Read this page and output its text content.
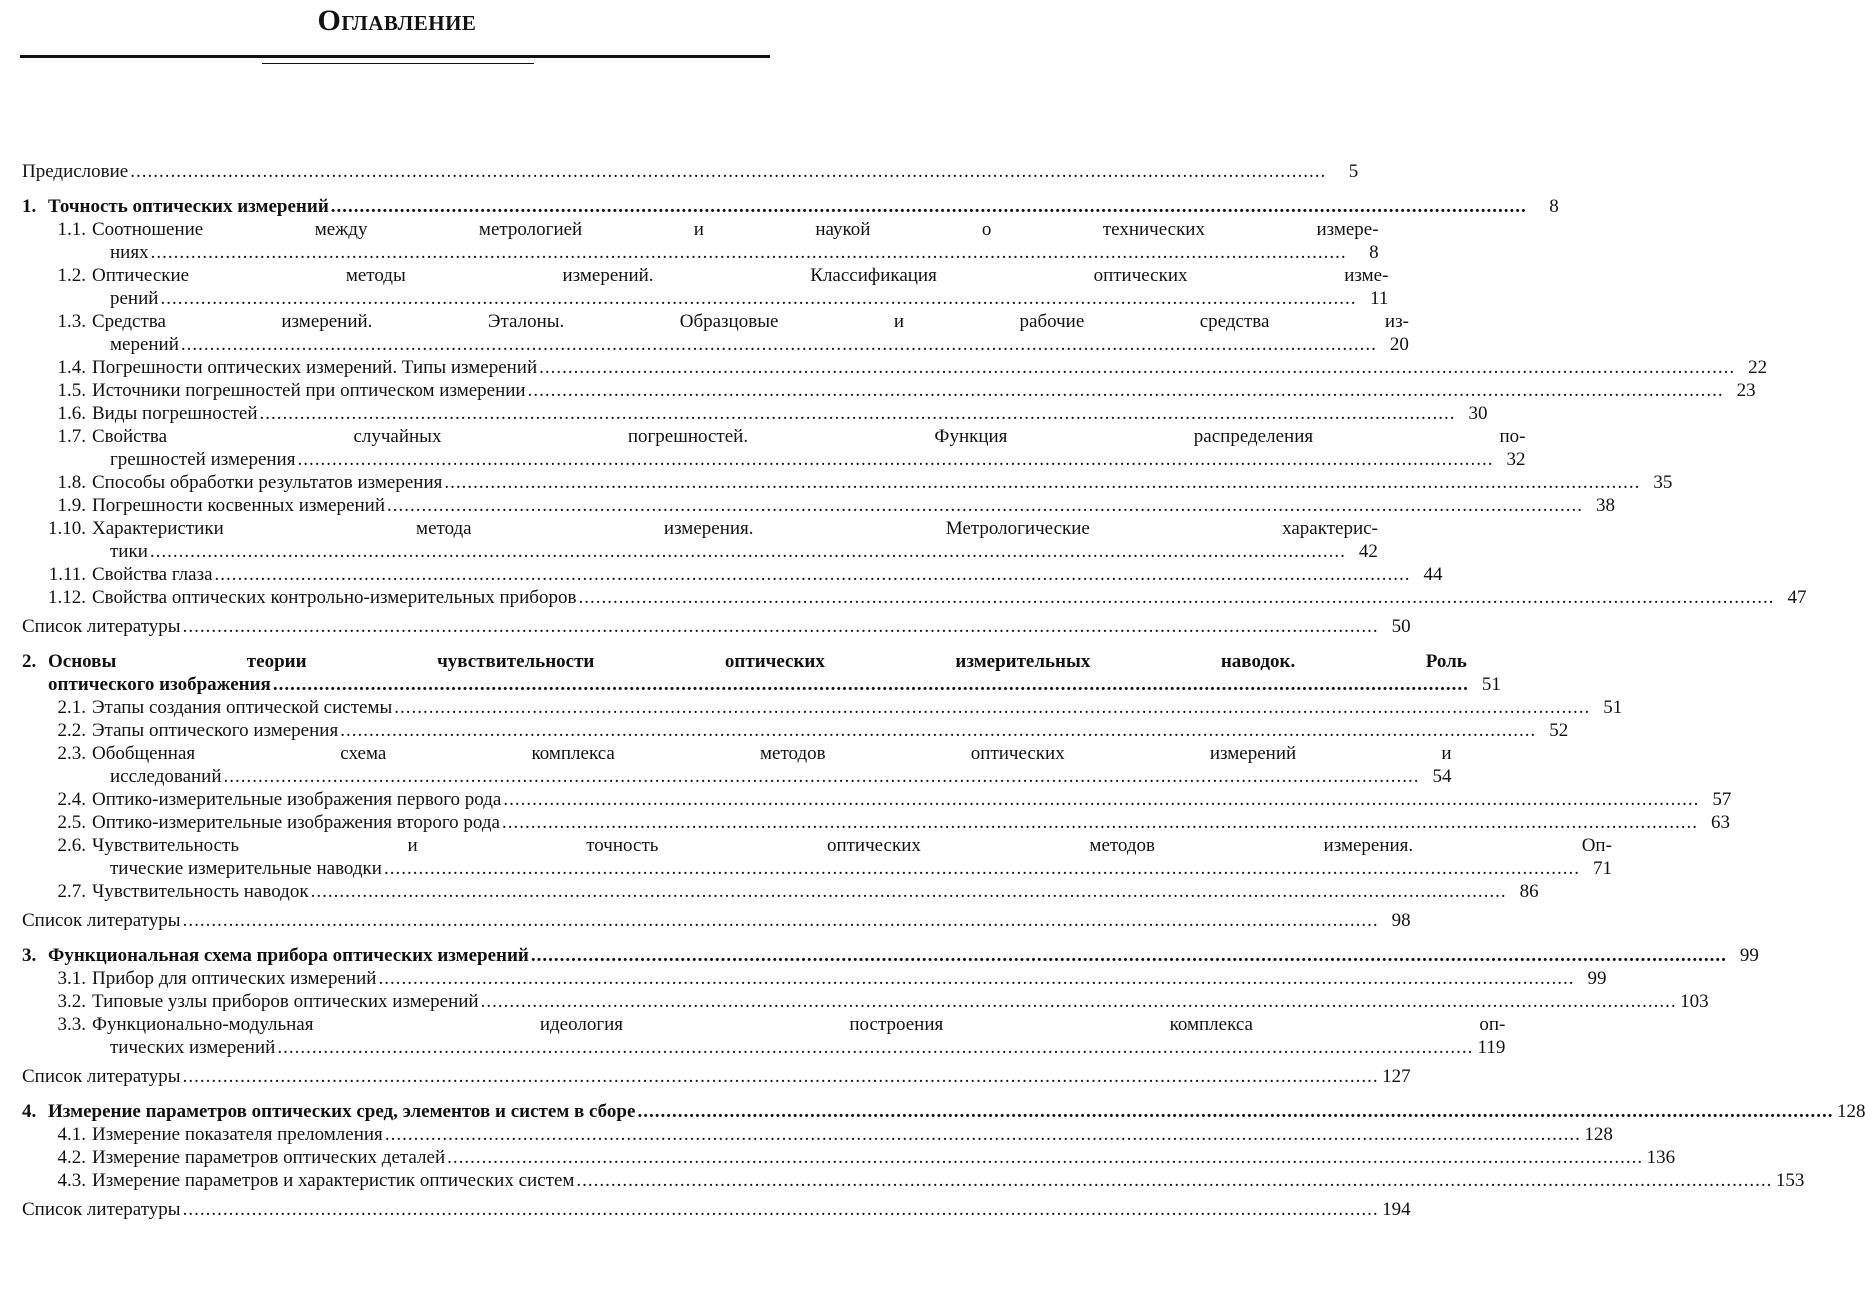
Оглавление
Предисловие .....	5
1. Точность оптических измерений .....	8
1.1. Соотношение между метрологией и наукой о технических измере-
ниях .....	8
1.2. Оптические методы измерений. Классификация оптических изме-
рений .....	11
1.3. Средства измерений. Эталоны. Образцовые и рабочие средства из-
мерений .....	20
1.4. Погрешности оптических измерений. Типы измерений .....	22
1.5. Источники погрешностей при оптическом измерении .....	23
1.6. Виды погрешностей .....	30
1.7. Свойства случайных погрешностей. Функция распределения по-
грешностей измерения .....	32
1.8. Способы обработки результатов измерения .....	35
1.9. Погрешности косвенных измерений .....	38
1.10. Характеристики метода измерения. Метрологические характерис-
тики .....	42
1.11. Свойства глаза .....	44
1.12. Свойства оптических контрольно-измерительных приборов .....	47
Список литературы .....	50
2. Основы теории чувствительности оптических измерительных наводок. Роль
оптического изображения .....	51
2.1. Этапы создания оптической системы .....	51
2.2. Этапы оптического измерения .....	52
2.3. Обобщенная схема комплекса методов оптических измерений и
исследований .....	54
2.4. Оптико-измерительные изображения первого рода .....	57
2.5. Оптико-измерительные изображения второго рода .....	63
2.6. Чувствительность и точность оптических методов измерения. Оп-
тические измерительные наводки .....	71
2.7. Чувствительность наводок .....	86
Список литературы .....	98
3. Функциональная схема прибора оптических измерений .....	99
3.1. Прибор для оптических измерений .....	99
3.2. Типовые узлы приборов оптических измерений .....	103
3.3. Функционально-модульная идеология построения комплекса оп-
тических измерений .....	119
Список литературы .....	127
4. Измерение параметров оптических сред, элементов и систем в сборе .....	128
4.1. Измерение показателя преломления .....	128
4.2. Измерение параметров оптических деталей .....	136
4.3. Измерение параметров и характеристик оптических систем .....	153
Список литературы .....	194
